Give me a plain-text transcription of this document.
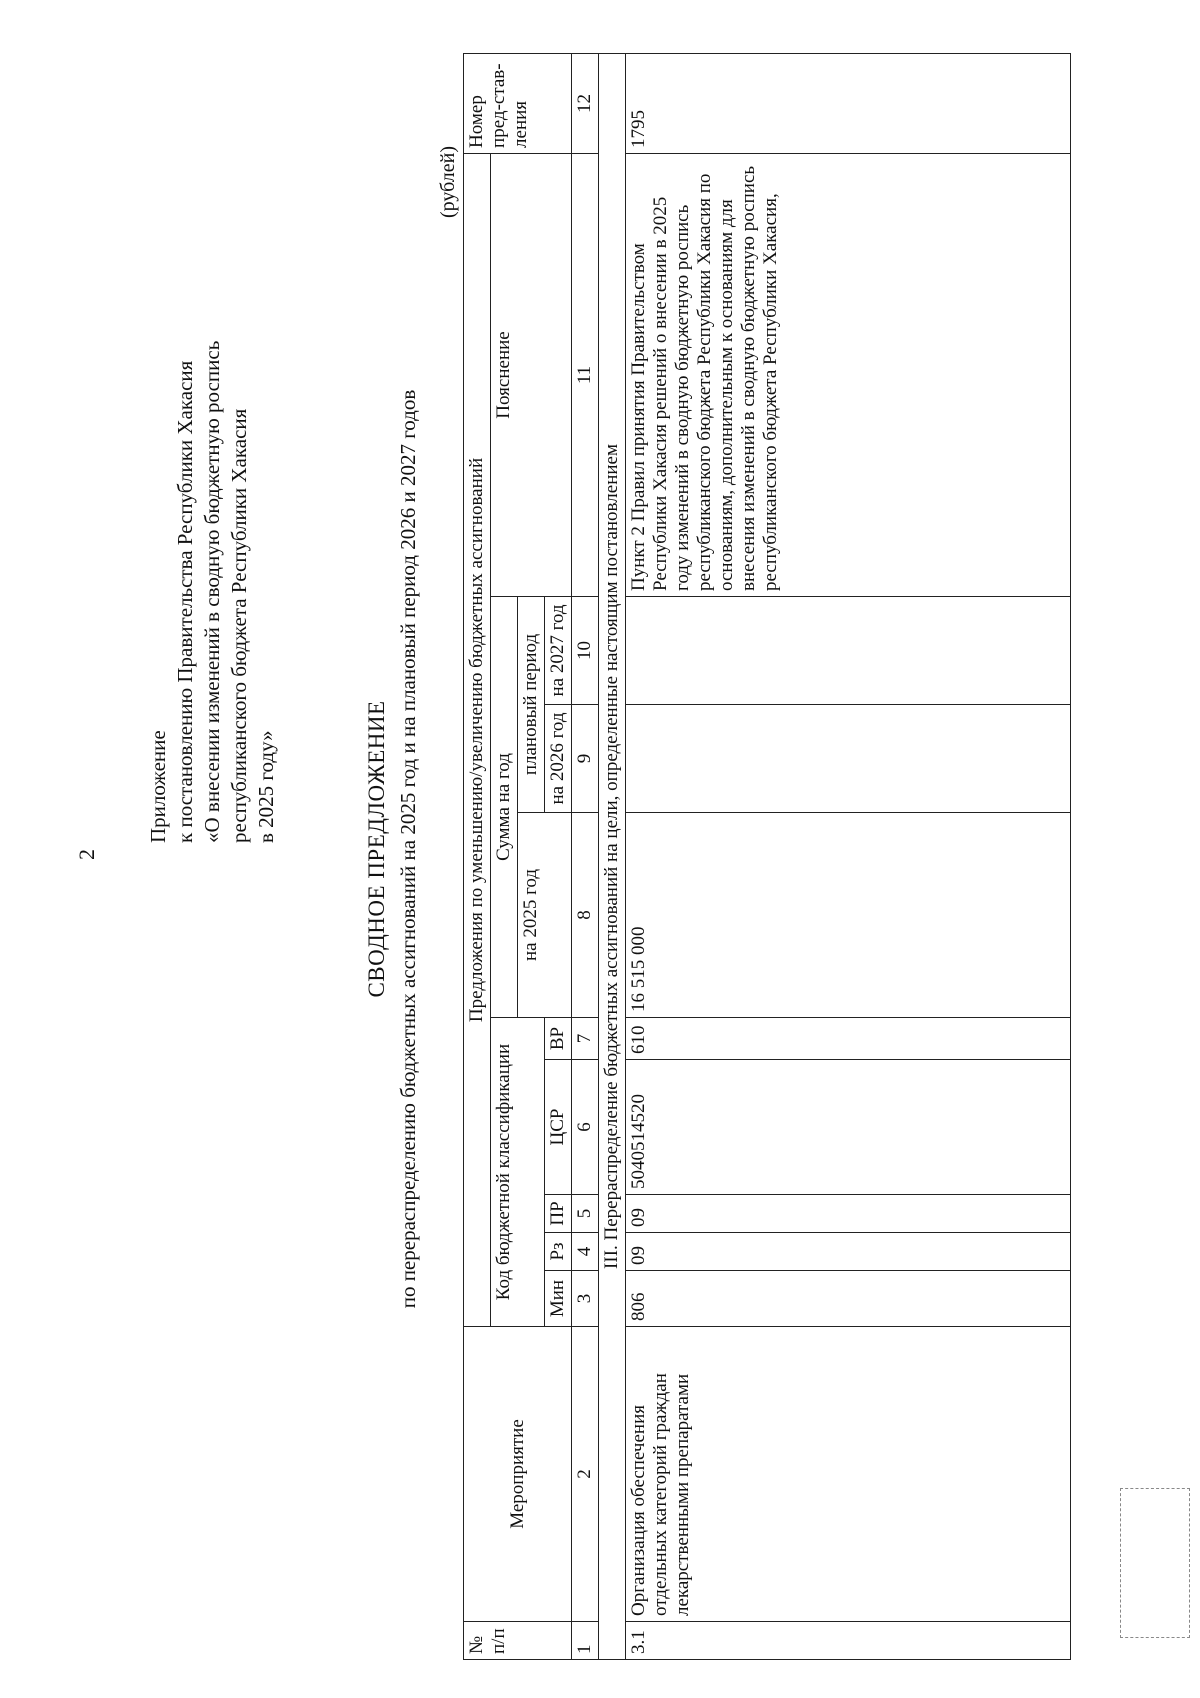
2
Приложение к постановлению Правительства Республики Хакасия «О внесении изменений в сводную бюджетную роспись республиканского бюджета Республики Хакасия в 2025 году»	СВОДНОЕ ПРЕДЛОЖЕНИЕ по перераспределению бюджетных ассигнований на 2025 год и на плановый период 2026 и 2027 годов
(рублей)
№ п/п	Мероприятие	Предложения по уменьшению/увеличению бюджетных ассигнований									Номер пред-став-ления
		Код бюджетной классификации					Сумма на год			Пояснение	
							на 2025 год	плановый период			
		Мин	Рз	ПР	ЦСР	ВР		на 2026 год	на 2027 год		
1	2	3	4	5	6	7	8	9	10	11	12
III. Перераспределение бюджетных ассигнований на цели, определенные настоящим постановлением											
3.1	Организация обеспечения отдельных категорий граждан лекарственными препаратами	806	09	09	5040514520	610	16 515 000			Пункт 2 Правил принятия Правительством Республики Хакасия решений о внесении в 2025 году изменений в сводную бюджетную роспись республиканского бюджета Республики Хакасия по основаниям, дополнительным к основаниям для внесения изменений в сводную бюджетную роспись республиканского бюджета Республики Хакасия,	1795
